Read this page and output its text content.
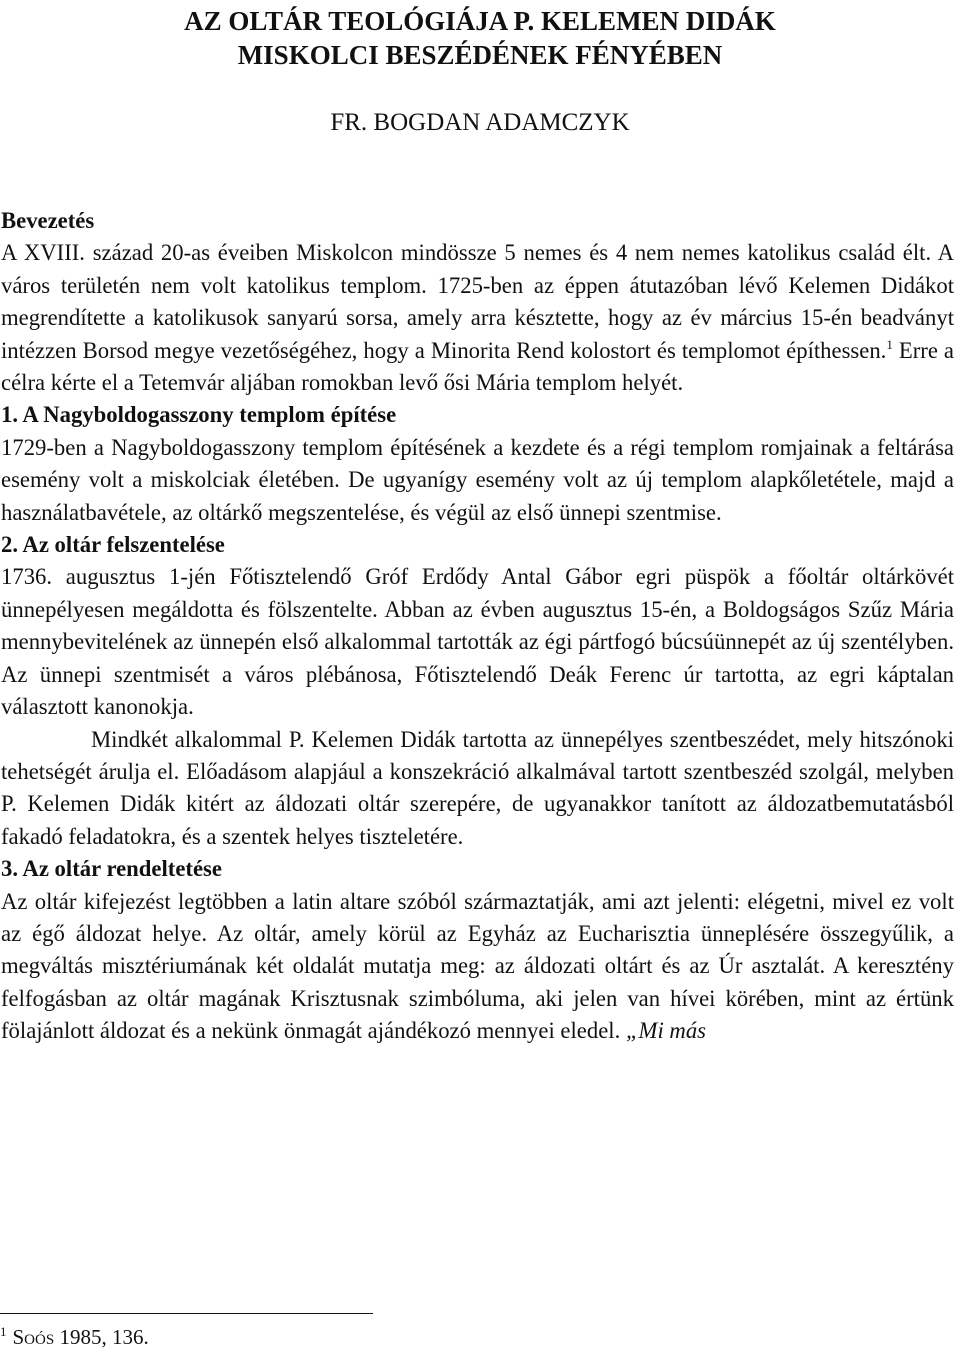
AZ OLTÁR TEOLÓGIÁJA P. KELEMEN DIDÁK
MISKOLCI BESZÉDÉNEK FÉNYÉBEN
FR. BOGDAN ADAMCZYK

Bevezetés

A XVIII. század 20-as éveiben Miskolcon mindössze 5 nemes és 4 nem nemes katolikus család élt. A város területén nem volt katolikus templom. 1725-ben az éppen átutazóban lévő Kelemen Didákot megrendítette a katolikusok sanyarú sorsa, amely arra késztette, hogy az év március 15-én beadványt intézzen Borsod megye vezetőségéhez, hogy a Minorita Rend kolostort és templomot építhessen.$^1$ Erre a célra kérte el a Tetemvár aljában romokban levő ősi Mária templom helyét.

1. A Nagyboldogasszony templom építése

1729-ben a Nagyboldogasszony templom építésének a kezdete és a régi templom romjainak a feltárása esemény volt a miskolciak életében. De ugyanígy esemény volt az új templom alapkőletétele, majd a használatbavétele, az oltárkő megszentelése, és végül az első ünnepi szentmise.

2. Az oltár felszentelése

1736. augusztus 1-jén Főtisztelendő Gróf Erdődy Antal Gábor egri püspök a főoltár oltárkövét ünnepélyesen megáldotta és fölszentelte. Abban az évben augusztus 15-én, a Boldogságos Szűz Mária mennybevitelének az ünnepén első alkalommal tartották az égi pártfogó búcsúünnepét az új szentélyben. Az ünnepi szentmisét a város plébánosa, Főtisztelendő Deák Ferenc úr tartotta, az egri káptalan választott kanonokja.

Mindkét alkalommal P. Kelemen Didák tartotta az ünnepélyes szentbeszédet, mely hitszónoki tehetségét árulja el. Előadásom alapjául a konszekráció alkalmával tartott szentbeszéd szolgál, melyben P. Kelemen Didák kitért az áldozati oltár szerepére, de ugyanakkor tanított az áldozatbemutatásból fakadó feladatokra, és a szentek helyes tiszteletére.

3. Az oltár rendeltetése

Az oltár kifejezést legtöbben a latin altare szóból származtatják, ami azt jelenti: elégetni, mivel ez volt az égő áldozat helye. Az oltár, amely körül az Egyház az Eucharisztia ünneplésére összegyűlik, a megváltás misztériumának két oldalát mutatja meg: az áldozati oltárt és az Úr asztalát. A keresztény felfogásban az oltár magának Krisztusnak szimbóluma, aki jelen van hívei körében, mint az értünk fölajánlott áldozat és a nekünk önmagát ajándékozó mennyei eledel. „Mi más

$^1$ Soós 1985, 136.
